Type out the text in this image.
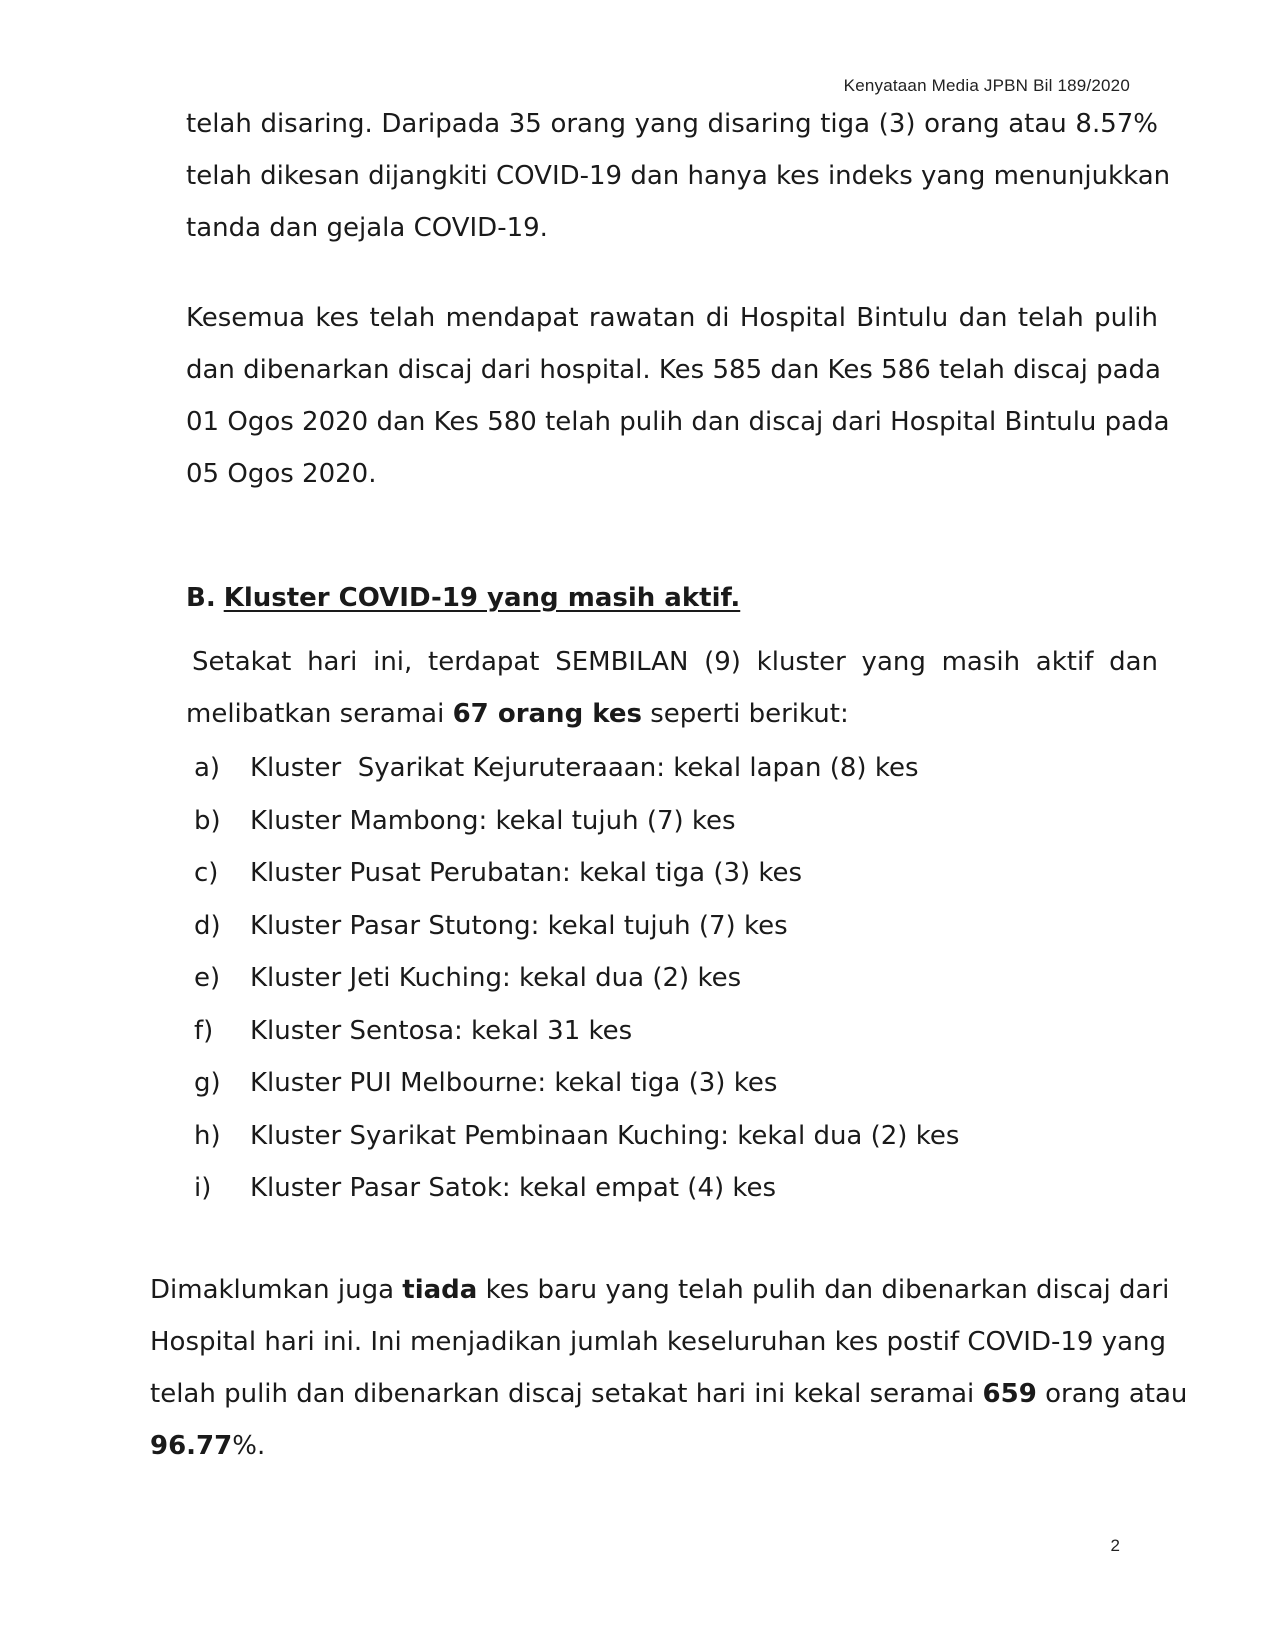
Kenyataan Media JPBN Bil 189/2020
telah disaring. Daripada 35 orang yang disaring tiga (3) orang atau 8.57%
telah dikesan dijangkiti COVID-19 dan hanya kes indeks yang menunjukkan
tanda dan gejala COVID-19.
Kesemua kes telah mendapat rawatan di Hospital Bintulu dan telah pulih
dan dibenarkan discaj dari hospital. Kes 585 dan Kes 586 telah discaj pada
01 Ogos 2020 dan Kes 580 telah pulih dan discaj dari Hospital Bintulu pada
05 Ogos 2020.
B. Kluster COVID-19 yang masih aktif.
Setakat hari ini, terdapat SEMBILAN (9) kluster yang masih aktif dan
melibatkan seramai 67 orang kes seperti berikut:
a)	Kluster  Syarikat Kejuruteraaan: kekal lapan (8) kes
b)	Kluster Mambong: kekal tujuh (7) kes
c)	Kluster Pusat Perubatan: kekal tiga (3) kes
d)	Kluster Pasar Stutong: kekal tujuh (7) kes
e)	Kluster Jeti Kuching: kekal dua (2) kes
f)	Kluster Sentosa: kekal 31 kes
g)	Kluster PUI Melbourne: kekal tiga (3) kes
h)	Kluster Syarikat Pembinaan Kuching: kekal dua (2) kes
i)	Kluster Pasar Satok: kekal empat (4) kes
Dimaklumkan juga tiada kes baru yang telah pulih dan dibenarkan discaj dari
Hospital hari ini. Ini menjadikan jumlah keseluruhan kes postif COVID-19 yang
telah pulih dan dibenarkan discaj setakat hari ini kekal seramai 659 orang atau
96.77%.
2
